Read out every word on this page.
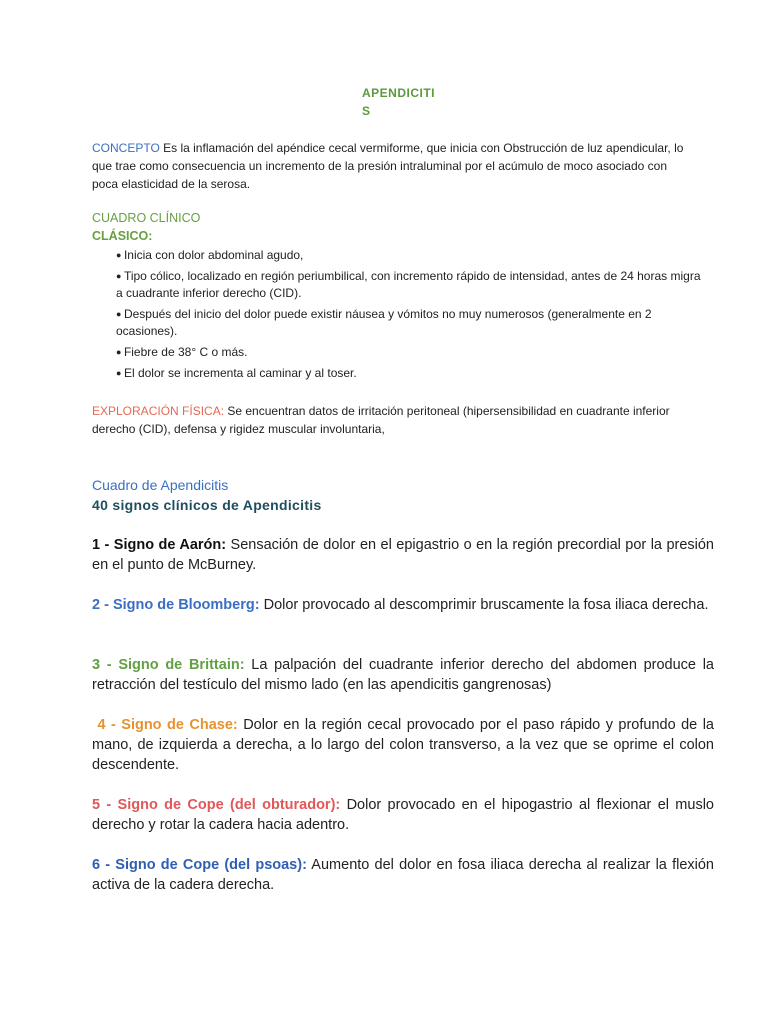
APENDICITI
S
CONCEPTO Es la inflamación del apéndice cecal vermiforme, que inicia con Obstrucción de luz apendicular, lo que trae como consecuencia un incremento de la presión intraluminal por el acúmulo de moco asociado con poca elasticidad de la serosa.
CUADRO CLÍNICO
CLÁSICO:
● Inicia con dolor abdominal agudo,
● Tipo cólico, localizado en región periumbilical, con incremento rápido de intensidad, antes de 24 horas migra a cuadrante inferior derecho (CID).
● Después del inicio del dolor puede existir náusea y vómitos no muy numerosos (generalmente en 2 ocasiones).
● Fiebre de 38° C o más.
● El dolor se incrementa al caminar y al toser.
EXPLORACIÓN FÍSICA: Se encuentran datos de irritación peritoneal (hipersensibilidad en cuadrante inferior derecho (CID), defensa y rigidez muscular involuntaria,
Cuadro de Apendicitis
40 signos clínicos de Apendicitis
1 - Signo de Aarón: Sensación de dolor en el epigastrio o en la región precordial por la presión en el punto de McBurney.
2 - Signo de Bloomberg: Dolor provocado al descomprimir bruscamente la fosa iliaca derecha.
3 - Signo de Brittain: La palpación del cuadrante inferior derecho del abdomen produce la retracción del testículo del mismo lado (en las apendicitis gangrenosas)
4 - Signo de Chase: Dolor en la región cecal provocado por el paso rápido y profundo de la mano, de izquierda a derecha, a lo largo del colon transverso, a la vez que se oprime el colon descendente.
5 - Signo de Cope (del obturador): Dolor provocado en el hipogastrio al flexionar el muslo derecho y rotar la cadera hacia adentro.
6 - Signo de Cope (del psoas): Aumento del dolor en fosa iliaca derecha al realizar la flexión activa de la cadera derecha.
